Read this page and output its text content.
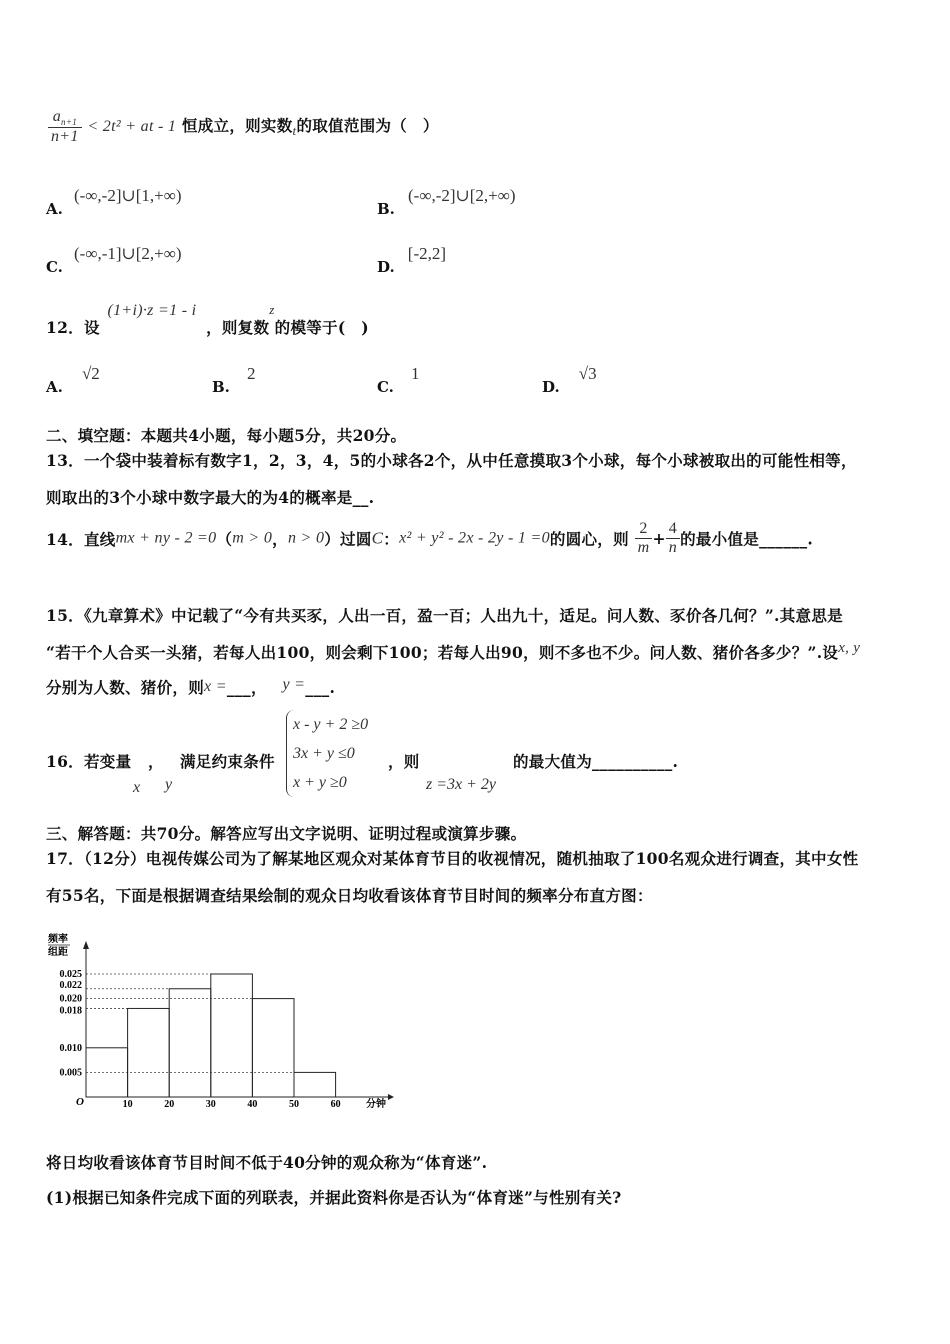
$\frac{a_{n+1}}{n+1} < 2t^2$ + at - 1 恒成立，则实数$_t$的取值范围为（　）
A. (-∞,-2]∪[1,+∞)
B. (-∞,-2]∪[2,+∞)
C. (-∞,-1]∪[2,+∞)
D. [-2,2]
12．设 (1+i)·z =1 - i ，则复数$^z$的模等于(　)
A. √2
B. 2
C. 1
D. √3
二、填空题：本题共4小题，每小题5分，共20分。
13．一个袋中装着标有数字1，2，3，4，5的小球各2个，从中任意摸取3个小球，每个小球被取出的可能性相等，
则取出的3个小球中数字最大的为4的概率是__.
14．直线mx + ny - 2 =0（m > 0，n > 0）过圆C：x² + y² - 2x - 2y - 1 =0的圆心，则 $\frac{2}{m} + \frac{4}{n}$ 的最小值是______.
15．《九章算术》中记载了“今有共买豕，人出一百，盈一百；人出九十，适足。问人数、豕价各几何？”.其意思是
“若干个人合买一头猪，若每人出100，则会剩下100；若每人出90，则不多也不少。问人数、猪价各多少？”.设x, y
分别为人数、猪价，则x =___， y =___.
16．若变量 ， 满足约束条件
x - y + 2 ≥0
3x + y ≤0
x + y ≥0
，则	的最大值为__________.
x y	z =3x + 2y
三、解答题：共70分。解答应写出文字说明、证明过程或演算步骤。
17．（12分）电视传媒公司为了解某地区观众对某体育节目的收视情况，随机抽取了100名观众进行调查，其中女性
有55名，下面是根据调查结果绘制的观众日均收看该体育节目时间的频率分布直方图：
频率
组距
O	分钟
10	20	30	40	50	60
0.025
0.022
0.020
0.018
0.010
0.005
将日均收看该体育节目时间不低于40分钟的观众称为“体育迷”.
(1)根据已知条件完成下面的列联表，并据此资料你是否认为“体育迷”与性别有关?
